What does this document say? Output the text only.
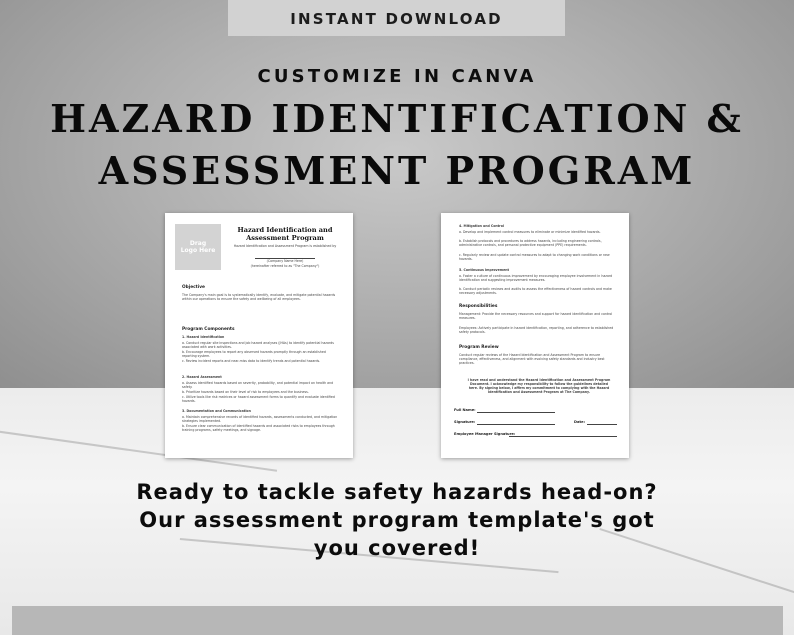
INSTANT DOWNLOAD
CUSTOMIZE IN CANVA
HAZARD IDENTIFICATION &
ASSESSMENT PROGRAM
Drag
Logo Here
Hazard Identification and
Assessment Program
Hazard Identification and Assessment Program is established by
(Company Name Here)
(hereinafter referred to as "The Company")
Objective
The Company's main goal is to systematically identify, evaluate, and mitigate potential hazards within our operations to ensure the safety and wellbeing of all employees.
Program Components
1. Hazard Identification
a. Conduct regular site inspections and job hazard analyses (JHAs) to identify potential hazards associated with work activities.
b. Encourage employees to report any observed hazards promptly through an established reporting system.
c. Review incident reports and near-miss data to identify trends and potential hazards.
2. Hazard Assessment
a. Assess identified hazards based on severity, probability, and potential impact on health and safety.
b. Prioritize hazards based on their level of risk to employees and the business.
c. Utilize tools like risk matrices or hazard assessment forms to quantify and evaluate identified hazards.
3. Documentation and Communication
a. Maintain comprehensive records of identified hazards, assessments conducted, and mitigation strategies implemented.
b. Ensure clear communication of identified hazards and associated risks to employees through training programs, safety meetings, and signage.
4. Mitigation and Control
a. Develop and implement control measures to eliminate or minimize identified hazards.
b. Establish protocols and procedures to address hazards, including engineering controls, administrative controls, and personal protective equipment (PPE) requirements.
c. Regularly review and update control measures to adapt to changing work conditions or new hazards.
5. Continuous Improvement
a. Foster a culture of continuous improvement by encouraging employee involvement in hazard identification and suggesting improvement measures.
b. Conduct periodic reviews and audits to assess the effectiveness of hazard controls and make necessary adjustments.
Responsibilities
Management: Provide the necessary resources and support for hazard identification and control measures.
Employees: Actively participate in hazard identification, reporting, and adherence to established safety protocols.
Program Review
Conduct regular reviews of the Hazard Identification and Assessment Program to ensure compliance, effectiveness, and alignment with evolving safety standards and industry best practices.
I have read and understand the Hazard Identification and Assessment Program Document. I acknowledge my responsibility to follow the guidelines detailed here. By signing below, I affirm my commitment to complying with the Hazard Identification and Assessment Program at The Company.
Full Name:
Signature:	Date:
Employee Manager Signature:
Ready to tackle safety hazards head-on?
Our assessment program template's got
you covered!
